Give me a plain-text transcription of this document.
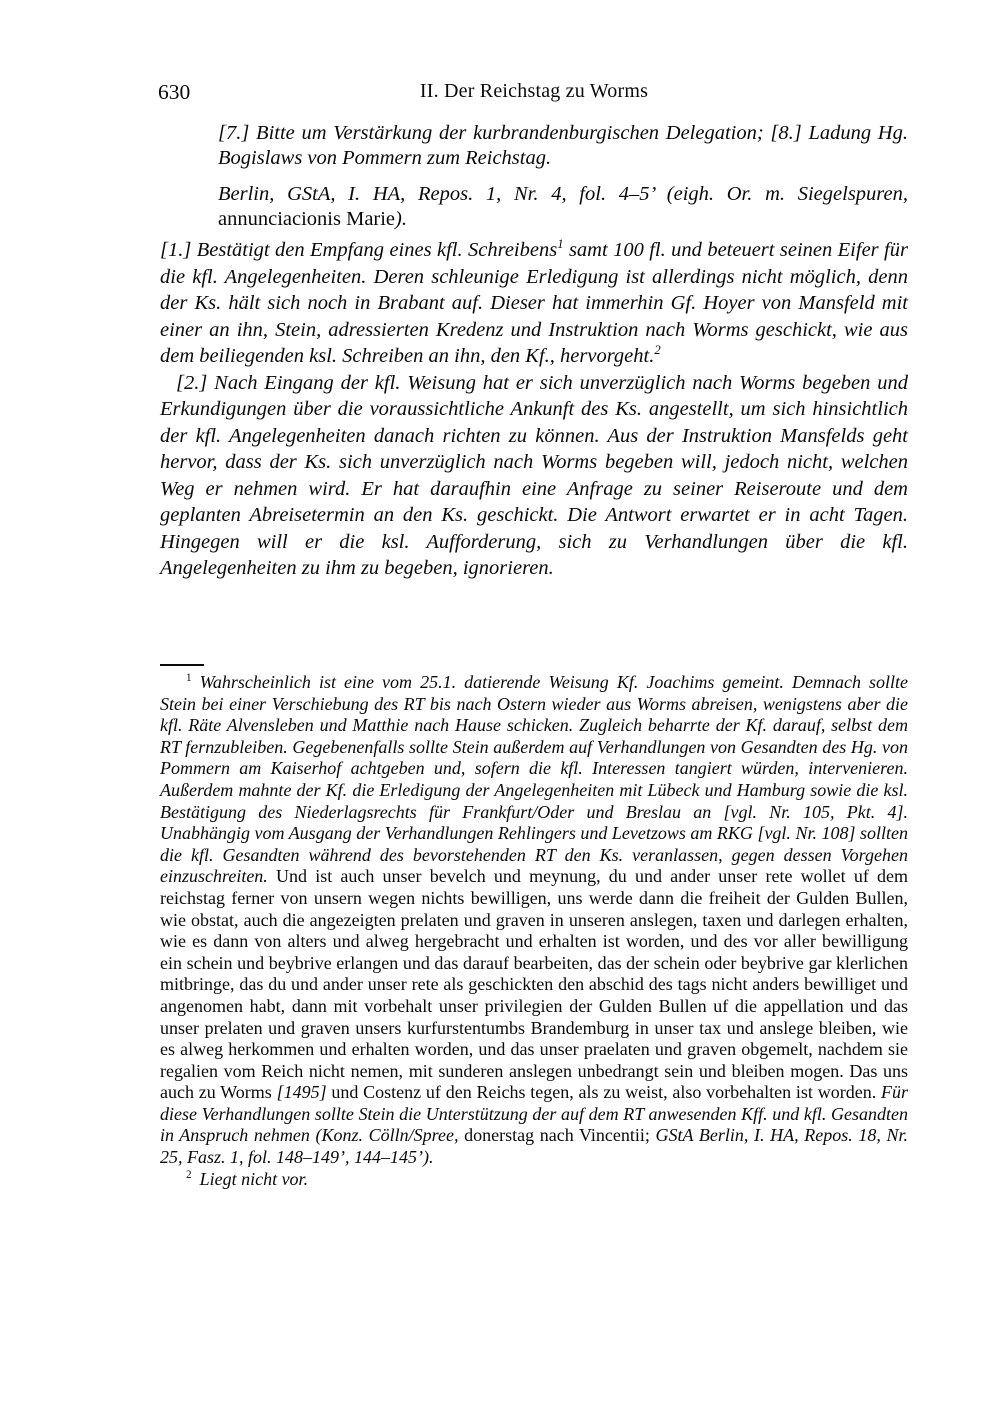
630	II. Der Reichstag zu Worms

[7.] Bitte um Verstärkung der kurbrandenburgischen Delegation; [8.] Ladung Hg. Bogislaws von Pommern zum Reichstag.

Berlin, GStA, I. HA, Repos. 1, Nr. 4, fol. 4–5’ (eigh. Or. m. Siegelspuren, annunciacionis Marie).

[1.] Bestätigt den Empfang eines kfl. Schreibens$^1$ samt 100 fl. und beteuert seinen Eifer für die kfl. Angelegenheiten. Deren schleunige Erledigung ist allerdings nicht möglich, denn der Ks. hält sich noch in Brabant auf. Dieser hat immerhin Gf. Hoyer von Mansfeld mit einer an ihn, Stein, adressierten Kredenz und Instruktion nach Worms geschickt, wie aus dem beiliegenden ksl. Schreiben an ihn, den Kf., hervorgeht.$^2$

[2.] Nach Eingang der kfl. Weisung hat er sich unverzüglich nach Worms begeben und Erkundigungen über die voraussichtliche Ankunft des Ks. angestellt, um sich hinsichtlich der kfl. Angelegenheiten danach richten zu können. Aus der Instruktion Mansfelds geht hervor, dass der Ks. sich unverzüglich nach Worms begeben will, jedoch nicht, welchen Weg er nehmen wird. Er hat daraufhin eine Anfrage zu seiner Reiseroute und dem geplanten Abreisetermin an den Ks. geschickt. Die Antwort erwartet er in acht Tagen. Hingegen will er die ksl. Aufforderung, sich zu Verhandlungen über die kfl. Angelegenheiten zu ihm zu begeben, ignorieren.

$^1$ Wahrscheinlich ist eine vom 25.1. datierende Weisung Kf. Joachims gemeint. Demnach sollte Stein bei einer Verschiebung des RT bis nach Ostern wieder aus Worms abreisen, wenigstens aber die kfl. Räte Alvensleben und Matthie nach Hause schicken. Zugleich beharrte der Kf. darauf, selbst dem RT fernzubleiben. Gegebenenfalls sollte Stein außerdem auf Verhandlungen von Gesandten des Hg. von Pommern am Kaiserhof achtgeben und, sofern die kfl. Interessen tangiert würden, intervenieren. Außerdem mahnte der Kf. die Erledigung der Angelegenheiten mit Lübeck und Hamburg sowie die ksl. Bestätigung des Niederlagsrechts für Frankfurt/Oder und Breslau an [vgl. Nr. 105, Pkt. 4]. Unabhängig vom Ausgang der Verhandlungen Rehlingers und Levetzows am RKG [vgl. Nr. 108] sollten die kfl. Gesandten während des bevorstehenden RT den Ks. veranlassen, gegen dessen Vorgehen einzuschreiten. Und ist auch unser bevelch und meynung, du und ander unser rete wollet uf dem reichstag ferner von unsern wegen nichts bewilligen, uns werde dann die freiheit der Gulden Bullen, wie obstat, auch die angezeigten prelaten und graven in unseren anslegen, taxen und darlegen erhalten, wie es dann von alters und alweg hergebracht und erhalten ist worden, und des vor aller bewilligung ein schein und beybrive erlangen und das darauf bearbeiten, das der schein oder beybrive gar klerlichen mitbringe, das du und ander unser rete als geschickten den abschid des tags nicht anders bewilliget und angenomen habt, dann mit vorbehalt unser privilegien der Gulden Bullen uf die appellation und das unser prelaten und graven unsers kurfurstentumbs Brandemburg in unser tax und anslege bleiben, wie es alweg herkommen und erhalten worden, und das unser praelaten und graven obgemelt, nachdem sie regalien vom Reich nicht nemen, mit sunderen anslegen unbedrangt sein und bleiben mogen. Das uns auch zu Worms [1495] und Costenz uf den Reichs tegen, als zu weist, also vorbehalten ist worden. Für diese Verhandlungen sollte Stein die Unterstützung der auf dem RT anwesenden Kff. und kfl. Gesandten in Anspruch nehmen (Konz. Cölln/Spree, donerstag nach Vincentii; GStA Berlin, I. HA, Repos. 18, Nr. 25, Fasz. 1, fol. 148–149’, 144–145’).

$^2$ Liegt nicht vor.
